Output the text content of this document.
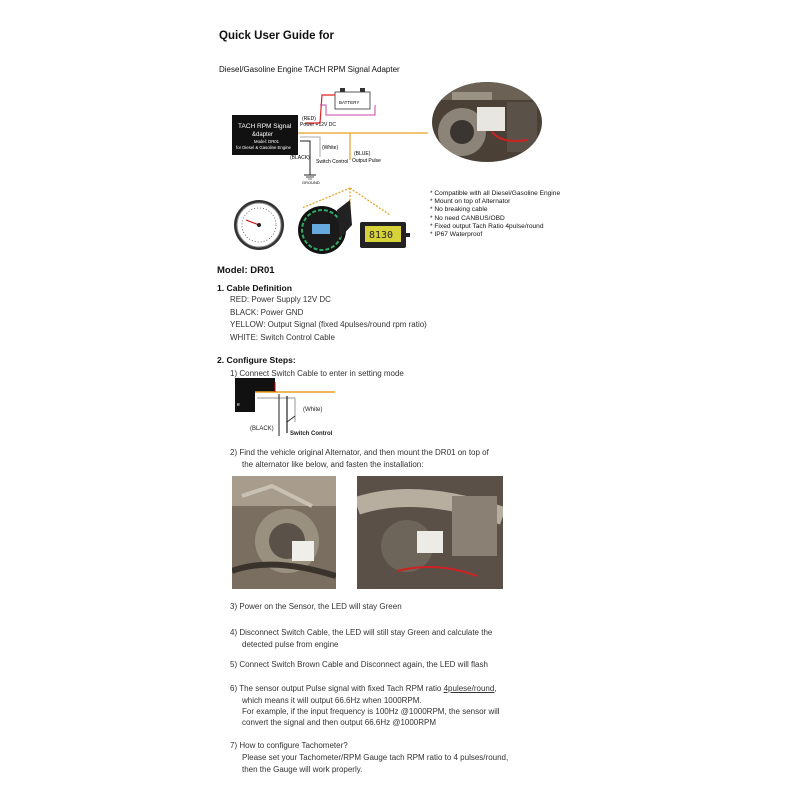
Quick User Guide for
Diesel/Gasoline Engine TACH RPM Signal Adapter
BATTERY
(RED)
Power +12V DC
TACH RPM Signal
&dapter
Model: DR01
for Diesel & Gasoline Engine	(White)
(BLACK)
Switch Control
GROUND
(BLUE)
Output Pulse
8130
* Compatible with all Diesel/Gasoline Engine
* Mount on top of Alternator
* No breaking cable
* No need CANBUS/OBD
* Fixed output Tach Ratio 4pulse/round
* IP67 Waterproof
Model: DR01
1. Cable Definition
RED: Power Supply 12V DC
BLACK: Power GND
YELLOW: Output Signal (fixed 4pulses/round rpm ratio)
WHITE: Switch Control Cable
2. Configure Steps:
1) Connect Switch Cable to enter in setting mode
e
(White)
(BLACK)
Switch Control
2) Find the vehicle original Alternator, and then mount the DR01 on top of
the alternator like below, and fasten the installation:
3) Power on the Sensor, the LED will stay Green
4) Disconnect Switch Cable, the LED will still stay Green and calculate the
detected pulse from engine
5) Connect Switch Brown Cable and Disconnect again, the LED will flash
6) The sensor output Pulse signal with fixed Tach RPM ratio 4pulese/round,
which means it will output 66.6Hz when 1000RPM.
For example, if the input frequency is 100Hz @1000RPM, the sensor will
convert the signal and then output 66.6Hz @1000RPM
7) How to configure Tachometer?
Please set your Tachometer/RPM Gauge tach RPM ratio to 4 pulses/round,
then the Gauge will work properly.
